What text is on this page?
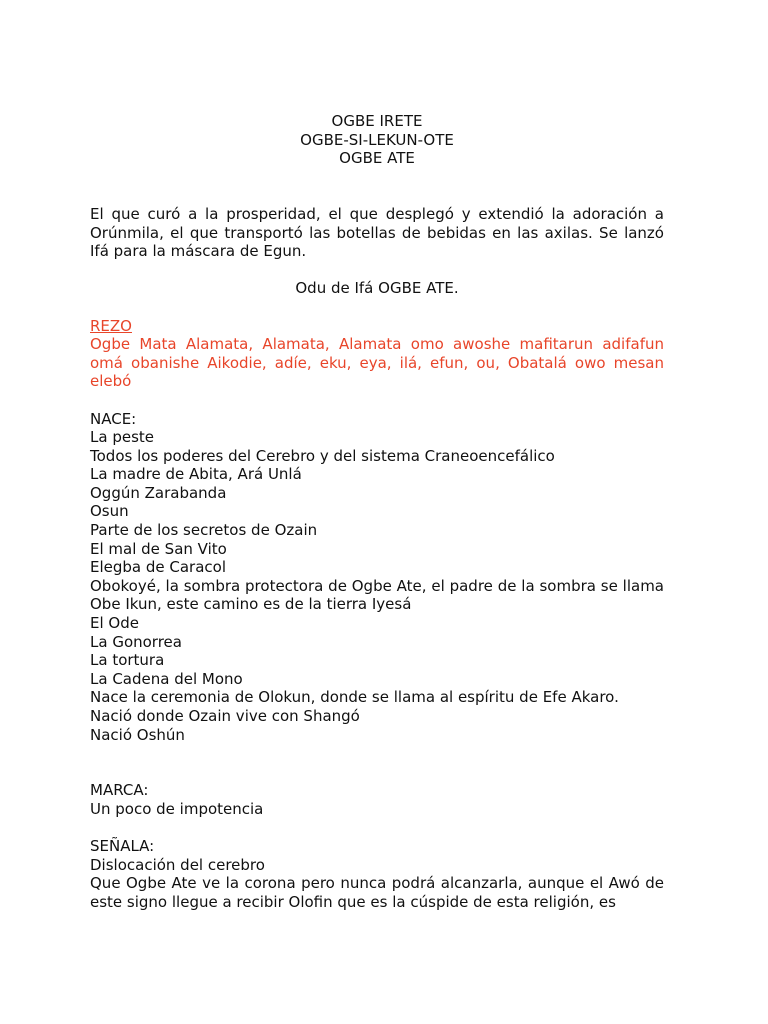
OGBE IRETE
OGBE-SI-LEKUN-OTE
OGBE ATE
El que curó a la prosperidad, el que desplegó y extendió la adoración a Orúnmila, el que transportó las botellas de bebidas en las axilas. Se lanzó Ifá para la máscara de Egun.
Odu de Ifá OGBE ATE.
REZO
Ogbe Mata Alamata, Alamata, Alamata omo awoshe mafitarun adifafun omá obanishe Aikodie, adíe, eku, eya, ilá, efun, ou, Obatalá owo mesan elebó
NACE:
La peste
Todos los poderes del Cerebro y del sistema Craneoencefálico
La madre de Abita, Ará Unlá
Oggún Zarabanda
Osun
Parte de los secretos de Ozain
El mal de San Vito
Elegba de Caracol
Obokoyé, la sombra protectora de Ogbe Ate, el padre de la sombra se llama Obe Ikun, este camino es de la tierra Iyesá
El Ode
La Gonorrea
La tortura
La Cadena del Mono
Nace la ceremonia de Olokun, donde se llama al espíritu de Efe Akaro.
Nació donde Ozain vive con Shangó
Nació Oshún
MARCA:
Un poco de impotencia
SEÑALA:
Dislocación del cerebro
Que Ogbe Ate ve la corona pero nunca podrá alcanzarla, aunque el Awó de este signo llegue a recibir Olofin que es la cúspide de esta religión, es
